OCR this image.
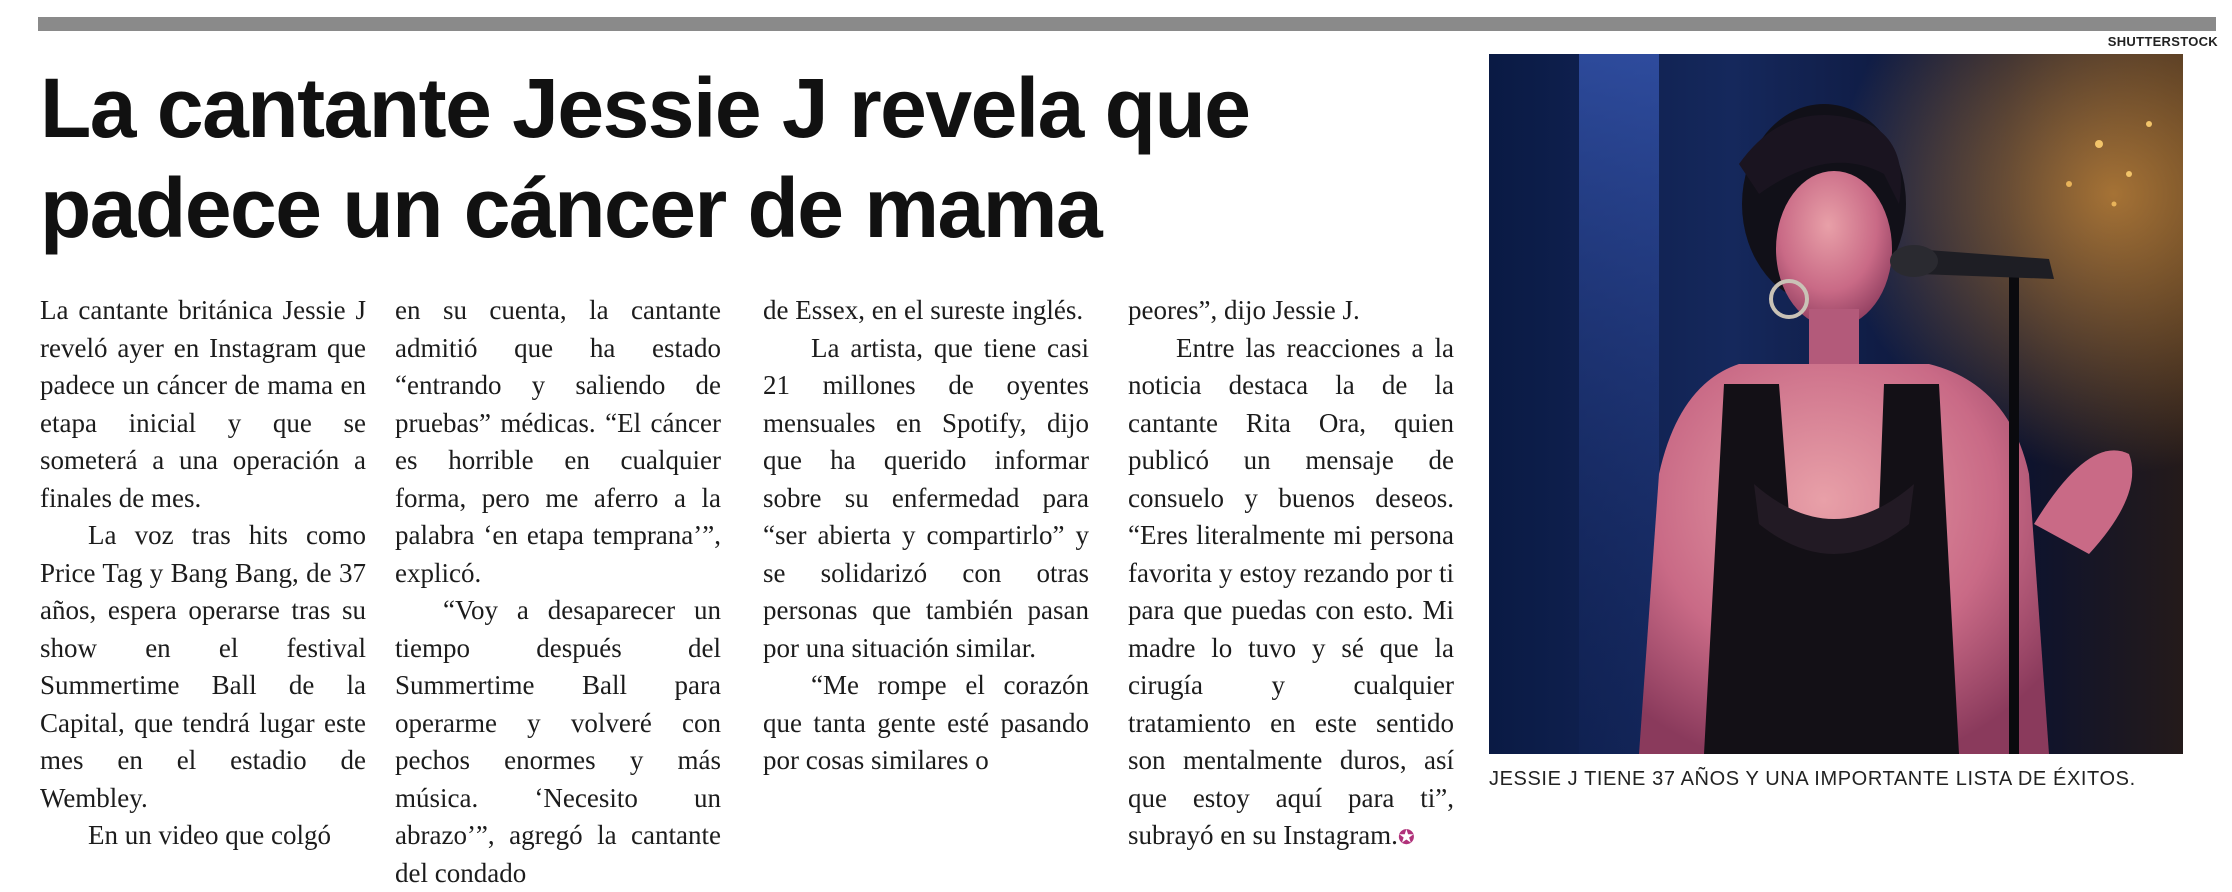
La cantante Jessie J revela que padece un cáncer de mama
SHUTTERSTOCK

La cantante británica Jessie J reveló ayer en Instagram que padece un cáncer de mama en etapa inicial y que se someterá a una operación a finales de mes.

La voz tras hits como Price Tag y Bang Bang, de 37 años, espera operarse tras su show en el festival Summertime Ball de la Capital, que tendrá lugar este mes en el estadio de Wembley.

En un video que colgó

en su cuenta, la cantante admitió que ha estado “entrando y saliendo de pruebas” médicas. “El cáncer es horrible en cualquier forma, pero me aferro a la palabra ‘en etapa temprana’”, explicó.

“Voy a desaparecer un tiempo después del Summertime Ball para operarme y volveré con pechos enormes y más música. ‘Necesito un abrazo’”, agregó la cantante del condado

de Essex, en el sureste inglés.

La artista, que tiene casi 21 millones de oyentes mensuales en Spotify, dijo que ha querido informar sobre su enfermedad para “ser abierta y compartirlo” y se solidarizó con otras personas que también pasan por una situación similar.

“Me rompe el corazón que tanta gente esté pasando por cosas similares o

peores”, dijo Jessie J.

Entre las reacciones a la noticia destaca la de la cantante Rita Ora, quien publicó un mensaje de consuelo y buenos deseos. “Eres literalmente mi persona favorita y estoy rezando por ti para que puedas con esto. Mi madre lo tuvo y sé que la cirugía y cualquier tratamiento en este sentido son mentalmente duros, así que estoy aquí para ti”, subrayó en su Instagram.✪

JESSIE J TIENE 37 AÑOS Y UNA IMPORTANTE LISTA DE ÉXITOS.
